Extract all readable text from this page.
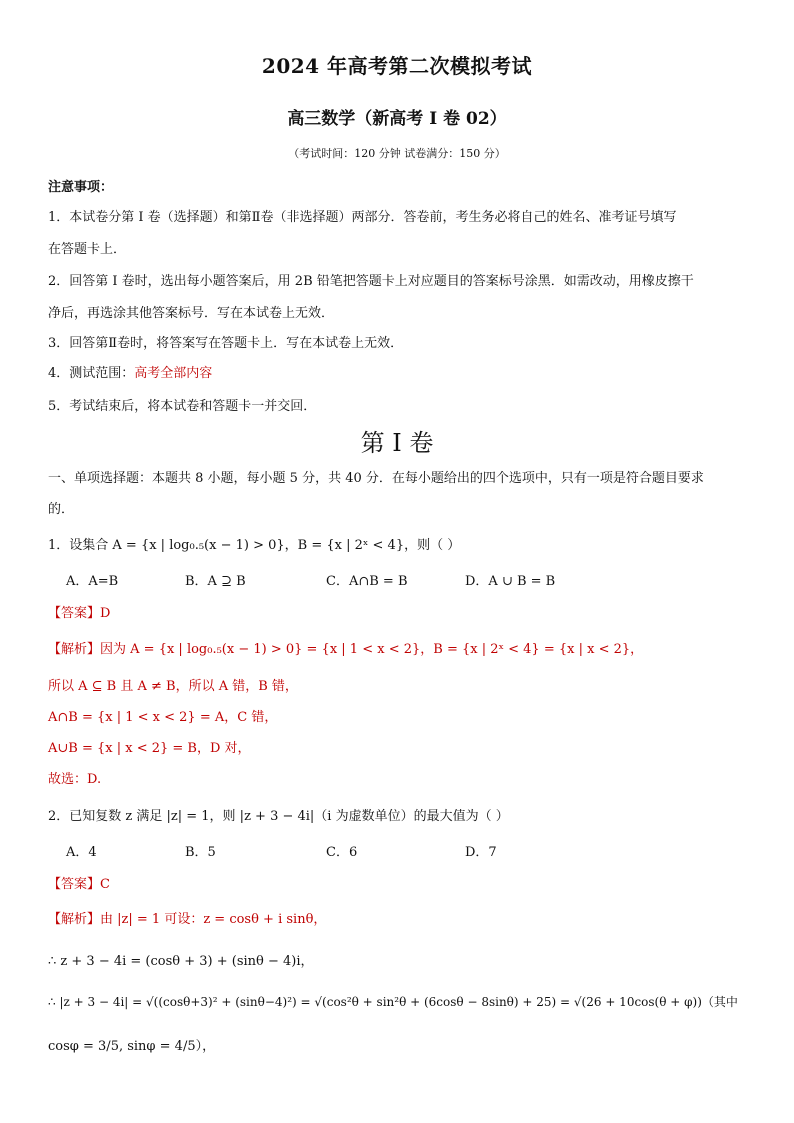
2024 年高考第二次模拟考试
高三数学（新高考 I 卷 02）
（考试时间：120 分钟 试卷满分：150 分）
注意事项：
1．本试卷分第 I 卷（选择题）和第Ⅱ卷（非选择题）两部分．答卷前，考生务必将自己的姓名、准考证号填写
在答题卡上．
2．回答第 I 卷时，选出每小题答案后，用 2B 铅笔把答题卡上对应题目的答案标号涂黑．如需改动，用橡皮擦干
净后，再选涂其他答案标号．写在本试卷上无效．
3．回答第Ⅱ卷时，将答案写在答题卡上．写在本试卷上无效．
4．测试范围：高考全部内容
5．考试结束后，将本试卷和答题卡一并交回．
第 I 卷
一、单项选择题：本题共 8 小题，每小题 5 分，共 40 分．在每小题给出的四个选项中，只有一项是符合题目要求
的．
1．设集合 A = {x | log₀.₅(x − 1) > 0}，B = {x | 2ˣ < 4}，则（ ）
A．A=B	B．A ⊇ B	C．A∩B = B	D．A ∪ B = B
【答案】D
【解析】因为 A = {x | log₀.₅(x − 1) > 0} = {x | 1 < x < 2}，B = {x | 2ˣ < 4} = {x | x < 2}，
所以 A ⊆ B 且 A ≠ B，所以 A 错，B 错，
A∩B = {x | 1 < x < 2} = A，C 错，
A∪B = {x | x < 2} = B，D 对，
故选：D.
2．已知复数 z 满足 |z| = 1，则 |z + 3 − 4i|（i 为虚数单位）的最大值为（ ）
A．4	B．5	C．6	D．7
【答案】C
【解析】由 |z| = 1 可设：z = cosθ + i sinθ，
∴ z + 3 − 4i = (cosθ + 3) + (sinθ − 4)i，
∴ |z + 3 − 4i| = √((cosθ+3)² + (sinθ−4)²) = √(cos²θ + sin²θ + (6cosθ − 8sinθ) + 25) = √(26 + 10cos(θ + φ))（其中
cosφ = 3/5, sinφ = 4/5），
